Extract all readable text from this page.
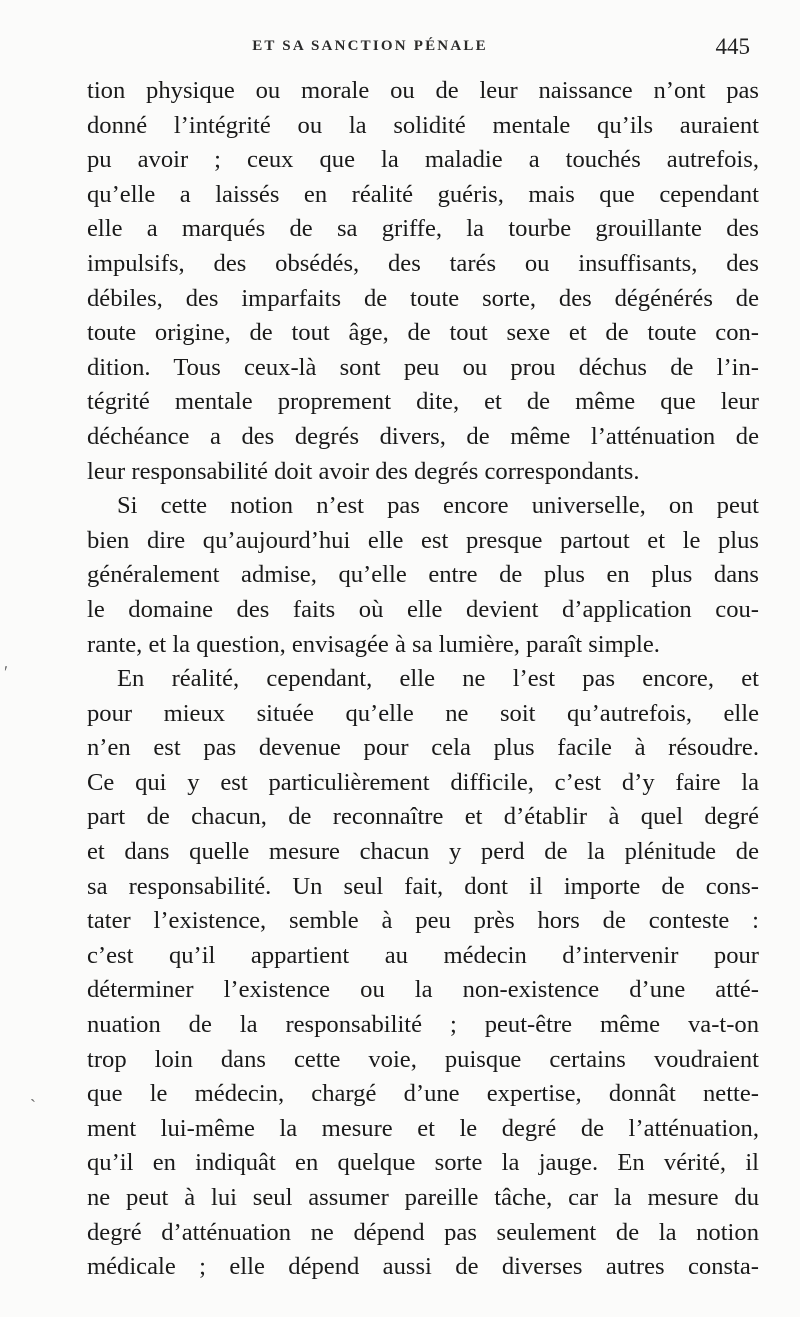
ET SA SANCTION PÉNALE	445
tion physique ou morale ou de leur naissance n’ont pas
donné l’intégrité ou la solidité mentale qu’ils auraient
pu avoir ; ceux que la maladie a touchés autrefois,
qu’elle a laissés en réalité guéris, mais que cependant
elle a marqués de sa griffe, la tourbe grouillante des
impulsifs, des obsédés, des tarés ou insuffisants, des
débiles, des imparfaits de toute sorte, des dégénérés de
toute origine, de tout âge, de tout sexe et de toute con-
dition. Tous ceux-là sont peu ou prou déchus de l’in-
tégrité mentale proprement dite, et de même que leur
déchéance a des degrés divers, de même l’atténuation de
leur responsabilité doit avoir des degrés correspondants.
Si cette notion n’est pas encore universelle, on peut
bien dire qu’aujourd’hui elle est presque partout et le plus
généralement admise, qu’elle entre de plus en plus dans
le domaine des faits où elle devient d’application cou-
rante, et la question, envisagée à sa lumière, paraît simple.
En réalité, cependant, elle ne l’est pas encore, et
pour mieux située qu’elle ne soit qu’autrefois, elle
n’en est pas devenue pour cela plus facile à résoudre.
Ce qui y est particulièrement difficile, c’est d’y faire la
part de chacun, de reconnaître et d’établir à quel degré
et dans quelle mesure chacun y perd de la plénitude de
sa responsabilité. Un seul fait, dont il importe de cons-
tater l’existence, semble à peu près hors de conteste :
c’est qu’il appartient au médecin d’intervenir pour
déterminer l’existence ou la non-existence d’une atté-
nuation de la responsabilité ; peut-être même va-t-on
trop loin dans cette voie, puisque certains voudraient
que le médecin, chargé d’une expertise, donnât nette-
ment lui-même la mesure et le degré de l’atténuation,
qu’il en indiquât en quelque sorte la jauge. En vérité, il
ne peut à lui seul assumer pareille tâche, car la mesure du
degré d’atténuation ne dépend pas seulement de la notion
médicale ; elle dépend aussi de diverses autres consta-
ʹ
ˏ
